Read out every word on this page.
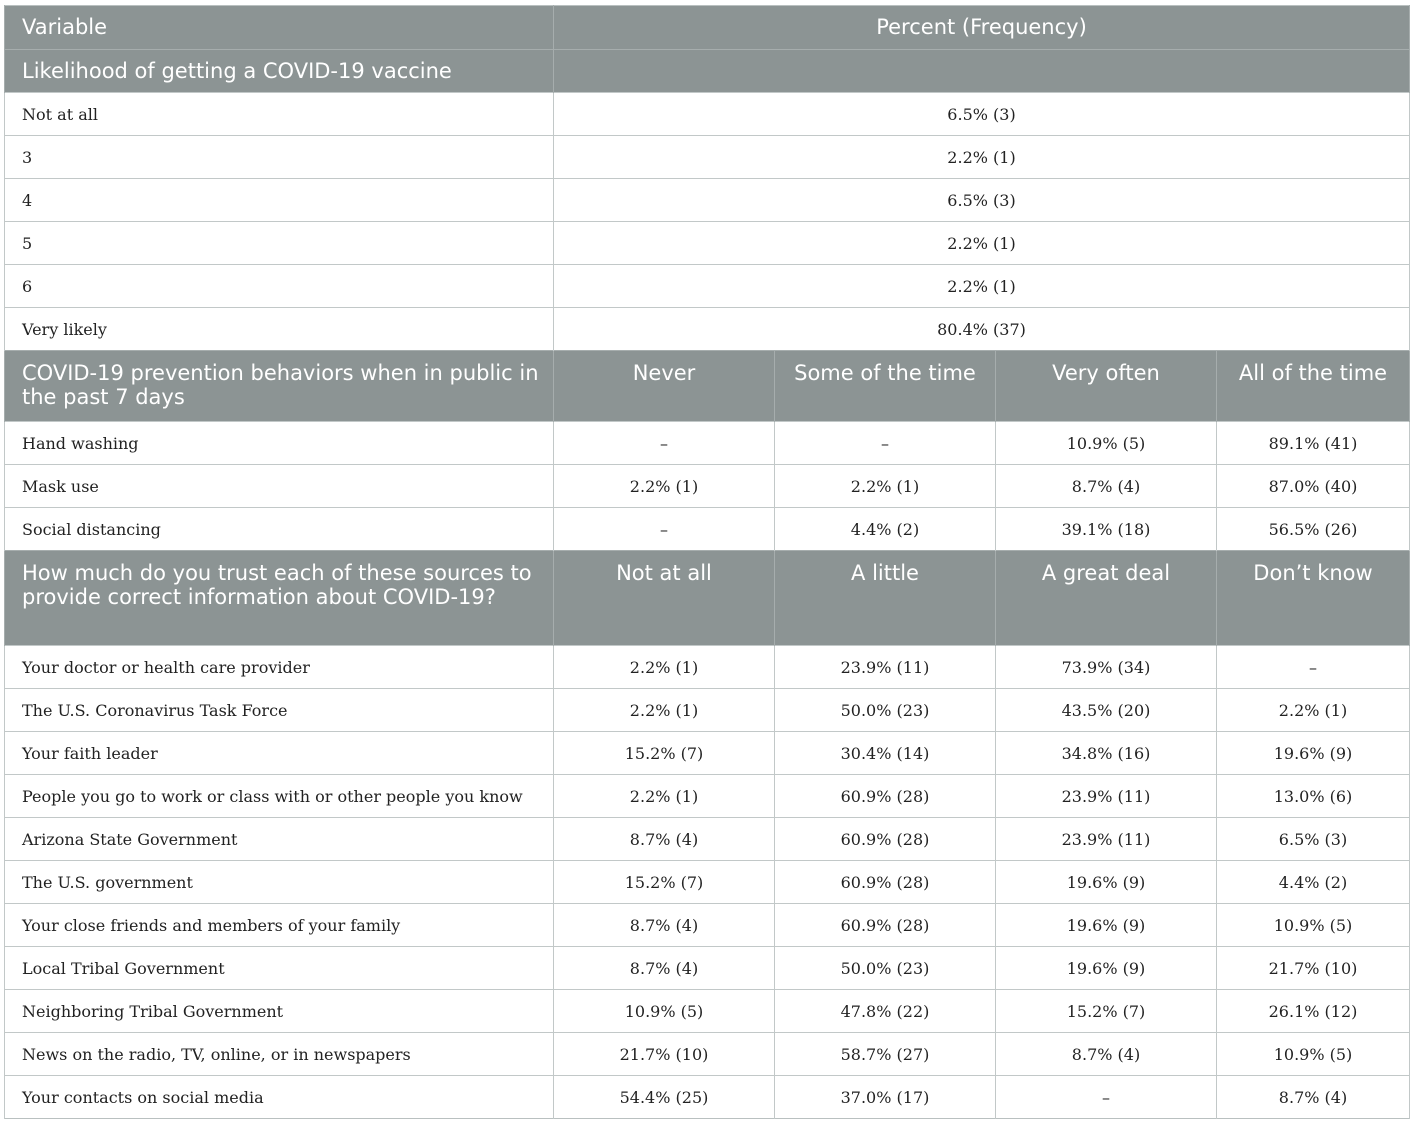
Variable	Percent (Frequency)			
Likelihood of getting a COVID-19 vaccine				
Not at all	6.5% (3)			
3	2.2% (1)			
4	6.5% (3)			
5	2.2% (1)			
6	2.2% (1)			
Very likely	80.4% (37)			
COVID-19 prevention behaviors when in public in the past 7 days	Never	Some of the time	Very often	All of the time
Hand washing	–	–	10.9% (5)	89.1% (41)
Mask use	2.2% (1)	2.2% (1)	8.7% (4)	87.0% (40)
Social distancing	–	4.4% (2)	39.1% (18)	56.5% (26)
How much do you trust each of these sources to provide correct information about COVID-19?	Not at all	A little	A great deal	Don’t know
Your doctor or health care provider	2.2% (1)	23.9% (11)	73.9% (34)	–
The U.S. Coronavirus Task Force	2.2% (1)	50.0% (23)	43.5% (20)	2.2% (1)
Your faith leader	15.2% (7)	30.4% (14)	34.8% (16)	19.6% (9)
People you go to work or class with or other people you know	2.2% (1)	60.9% (28)	23.9% (11)	13.0% (6)
Arizona State Government	8.7% (4)	60.9% (28)	23.9% (11)	6.5% (3)
The U.S. government	15.2% (7)	60.9% (28)	19.6% (9)	4.4% (2)
Your close friends and members of your family	8.7% (4)	60.9% (28)	19.6% (9)	10.9% (5)
Local Tribal Government	8.7% (4)	50.0% (23)	19.6% (9)	21.7% (10)
Neighboring Tribal Government	10.9% (5)	47.8% (22)	15.2% (7)	26.1% (12)
News on the radio, TV, online, or in newspapers	21.7% (10)	58.7% (27)	8.7% (4)	10.9% (5)
Your contacts on social media	54.4% (25)	37.0% (17)	–	8.7% (4)
